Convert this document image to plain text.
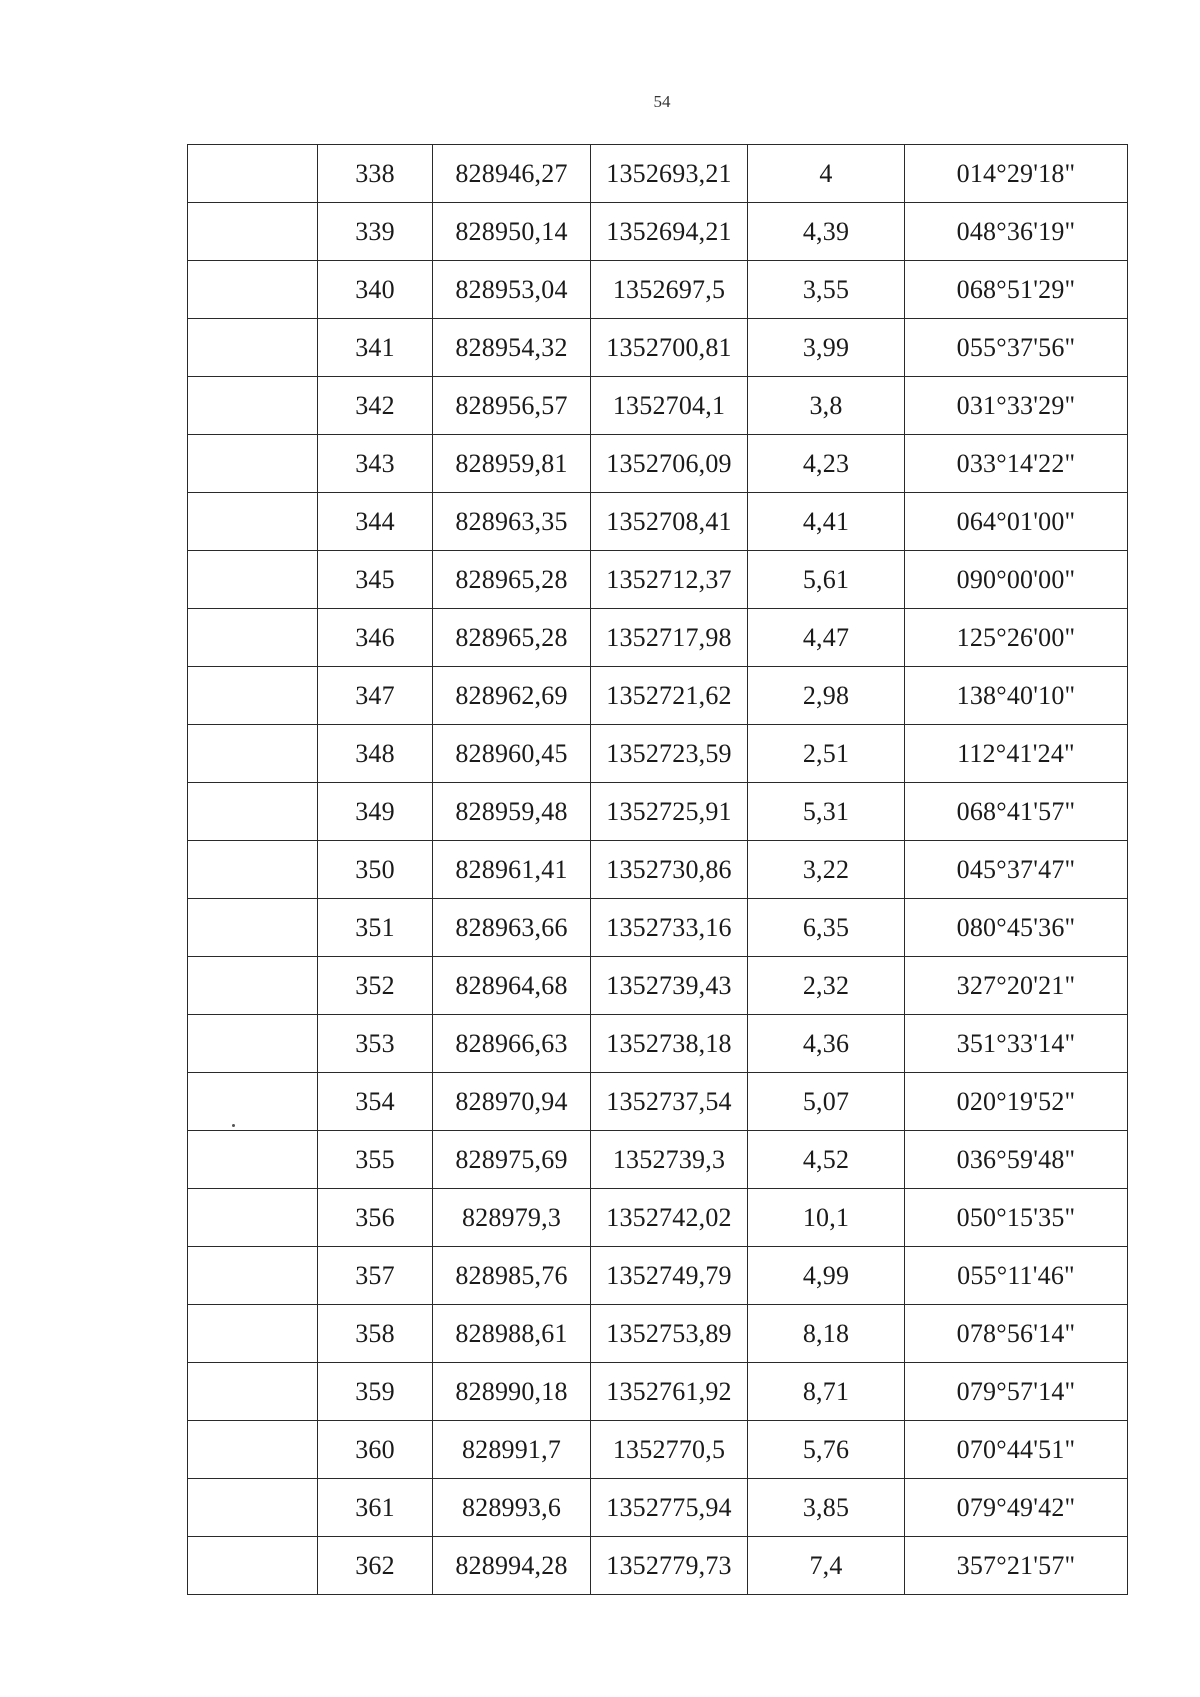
54
	338	828946,27	1352693,21	4	014°29'18"
	339	828950,14	1352694,21	4,39	048°36'19"
	340	828953,04	1352697,5	3,55	068°51'29"
	341	828954,32	1352700,81	3,99	055°37'56"
	342	828956,57	1352704,1	3,8	031°33'29"
	343	828959,81	1352706,09	4,23	033°14'22"
	344	828963,35	1352708,41	4,41	064°01'00"
	345	828965,28	1352712,37	5,61	090°00'00"
	346	828965,28	1352717,98	4,47	125°26'00"
	347	828962,69	1352721,62	2,98	138°40'10"
	348	828960,45	1352723,59	2,51	112°41'24"
	349	828959,48	1352725,91	5,31	068°41'57"
	350	828961,41	1352730,86	3,22	045°37'47"
	351	828963,66	1352733,16	6,35	080°45'36"
	352	828964,68	1352739,43	2,32	327°20'21"
	353	828966,63	1352738,18	4,36	351°33'14"
	354	828970,94	1352737,54	5,07	020°19'52"
	355	828975,69	1352739,3	4,52	036°59'48"
	356	828979,3	1352742,02	10,1	050°15'35"
	357	828985,76	1352749,79	4,99	055°11'46"
	358	828988,61	1352753,89	8,18	078°56'14"
	359	828990,18	1352761,92	8,71	079°57'14"
	360	828991,7	1352770,5	5,76	070°44'51"
	361	828993,6	1352775,94	3,85	079°49'42"
	362	828994,28	1352779,73	7,4	357°21'57"
